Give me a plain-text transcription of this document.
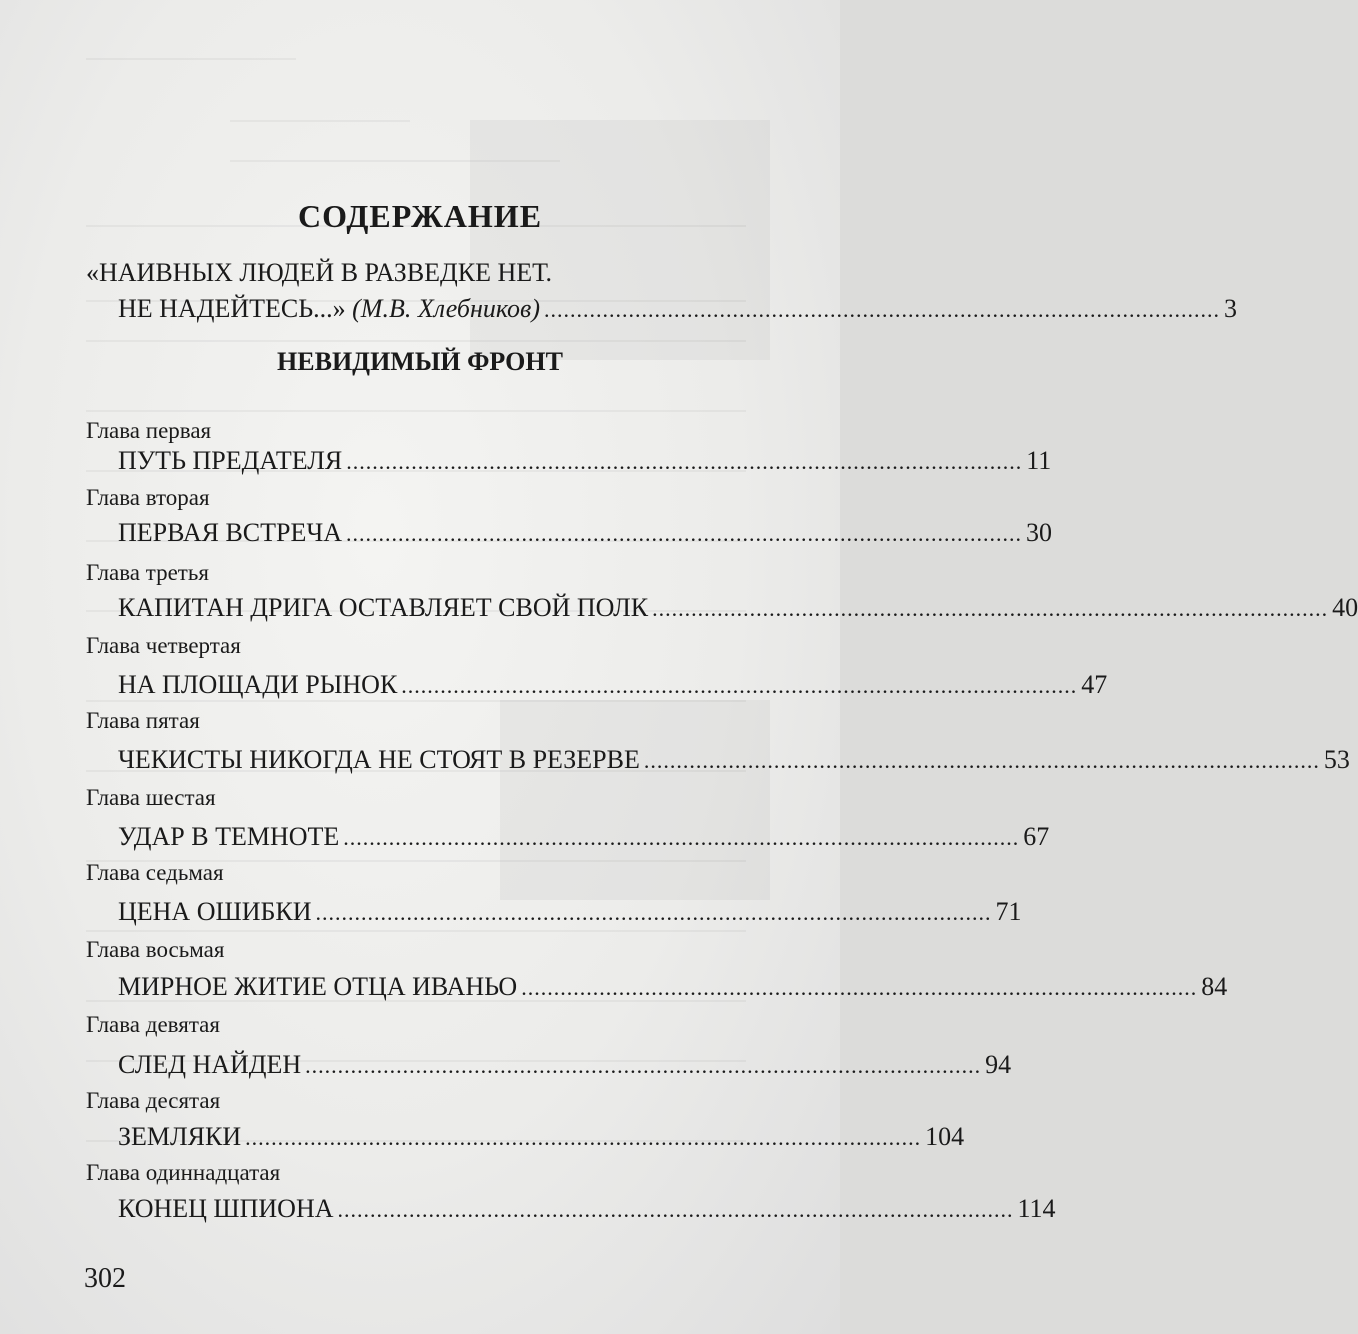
СОДЕРЖАНИЕ
«НАИВНЫХ ЛЮДЕЙ В РАЗВЕДКЕ НЕТ.
НЕ НАДЕЙТЕСЬ...» (М.В. Хлебников) ........................................................................................................ 3
НЕВИДИМЫЙ ФРОНТ
Глава первая
ПУТЬ ПРЕДАТЕЛЯ ........................................................................................................ 11
Глава вторая
ПЕРВАЯ ВСТРЕЧА ........................................................................................................ 30
Глава третья
КАПИТАН ДРИГА ОСТАВЛЯЕТ СВОЙ ПОЛК ........................................................................................................ 40
Глава четвертая
НА ПЛОЩАДИ РЫНОК ........................................................................................................ 47
Глава пятая
ЧЕКИСТЫ НИКОГДА НЕ СТОЯТ В РЕЗЕРВЕ ........................................................................................................ 53
Глава шестая
УДАР В ТЕМНОТЕ ........................................................................................................ 67
Глава седьмая
ЦЕНА ОШИБКИ ........................................................................................................ 71
Глава восьмая
МИРНОЕ ЖИТИЕ ОТЦА ИВАНЬО ........................................................................................................ 84
Глава девятая
СЛЕД НАЙДЕН ........................................................................................................ 94
Глава десятая
ЗЕМЛЯКИ ........................................................................................................ 104
Глава одиннадцатая
КОНЕЦ ШПИОНА ........................................................................................................ 114
302
